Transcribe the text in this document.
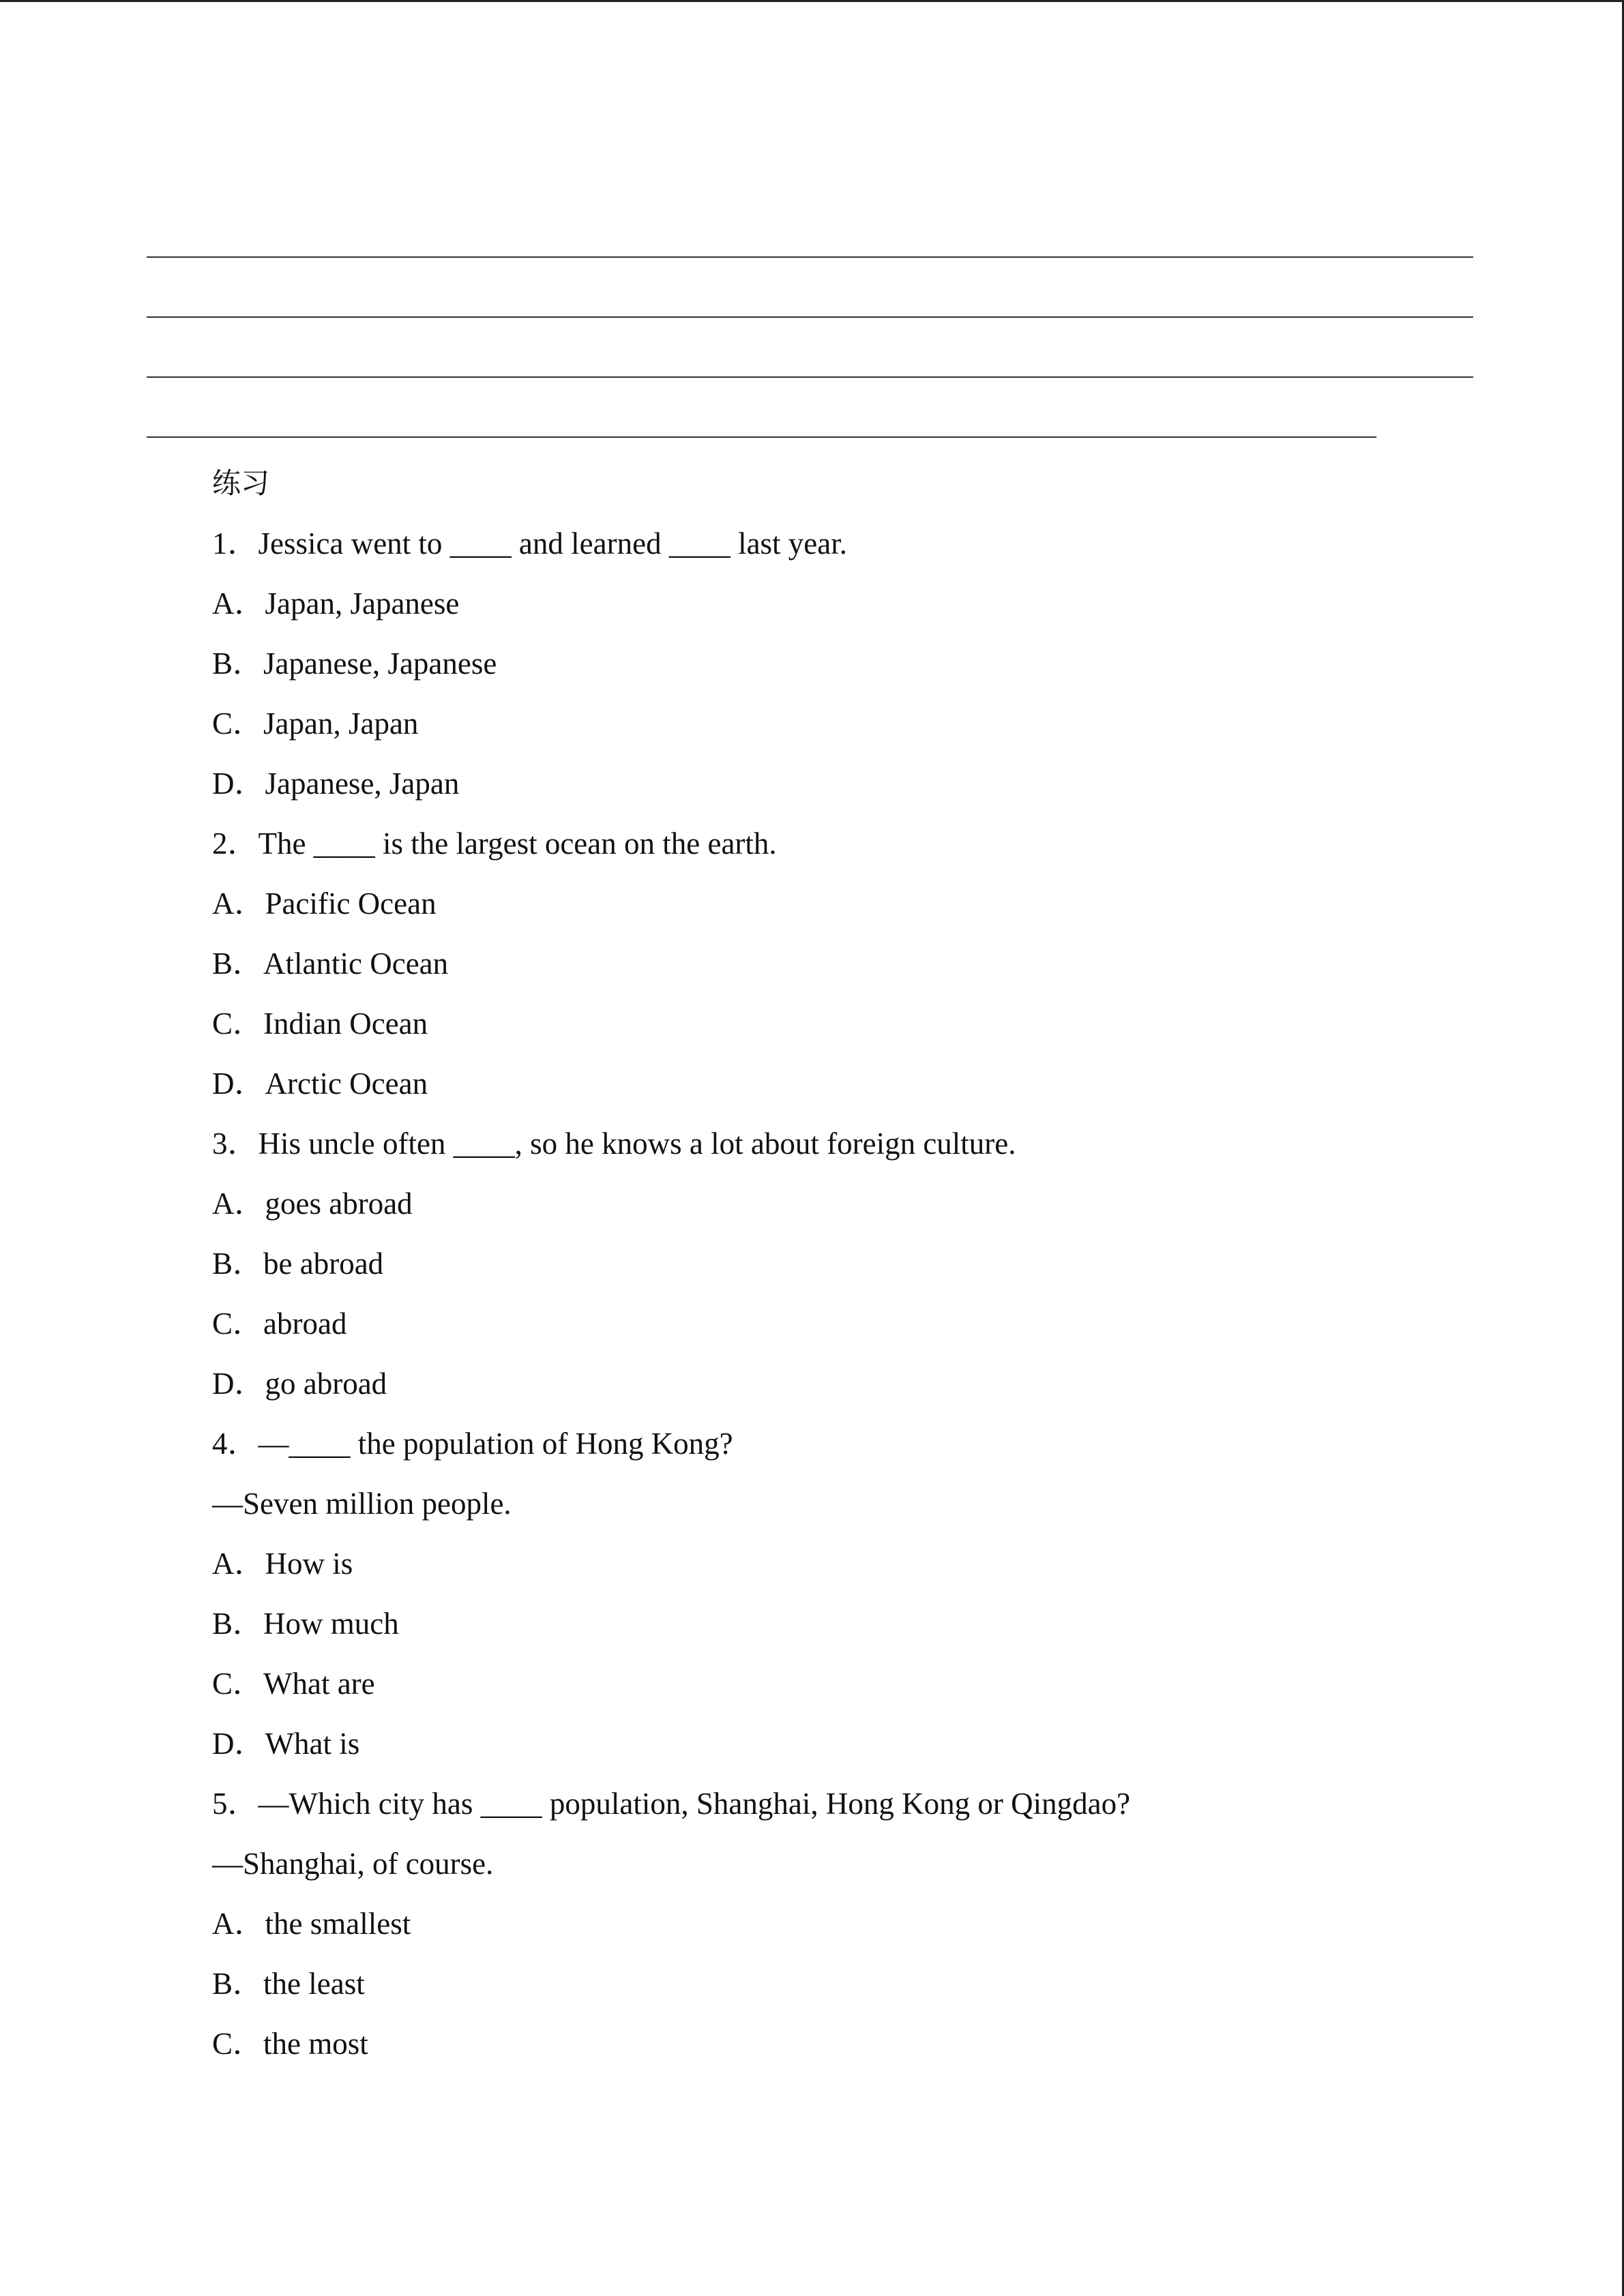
练习
1．Jessica went to ____ and learned ____ last year.
A．Japan, Japanese
B．Japanese, Japanese
C．Japan, Japan
D．Japanese, Japan
2．The ____ is the largest ocean on the earth.
A．Pacific Ocean
B．Atlantic Ocean
C．Indian Ocean
D．Arctic Ocean
3．His uncle often ____, so he knows a lot about foreign culture.
A．goes abroad
B．be abroad
C．abroad
D．go abroad
4．—____ the population of Hong Kong?
—Seven million people.
A．How is
B．How much
C．What are
D．What is
5．—Which city has ____ population, Shanghai, Hong Kong or Qingdao?
—Shanghai, of course.
A．the smallest
B．the least
C．the most
